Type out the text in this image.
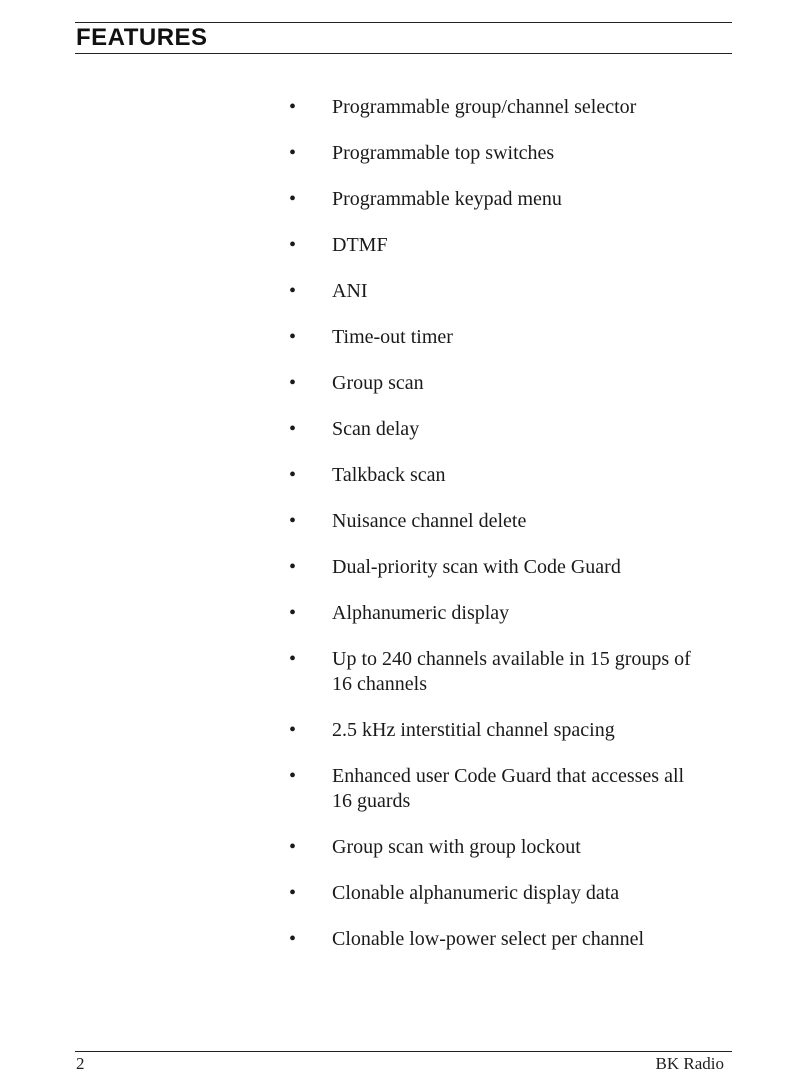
FEATURES
• Programmable group/channel selector
• Programmable top switches
• Programmable keypad menu
• DTMF
• ANI
• Time-out timer
• Group scan
• Scan delay
• Talkback scan
• Nuisance channel delete
• Dual-priority scan with Code Guard
• Alphanumeric display
• Up to 240 channels available in 15 groups of 16 channels
• 2.5 kHz interstitial channel spacing
• Enhanced user Code Guard that accesses all 16 guards
• Group scan with group lockout
• Clonable alphanumeric display data
• Clonable low-power select per channel
2	BK Radio
